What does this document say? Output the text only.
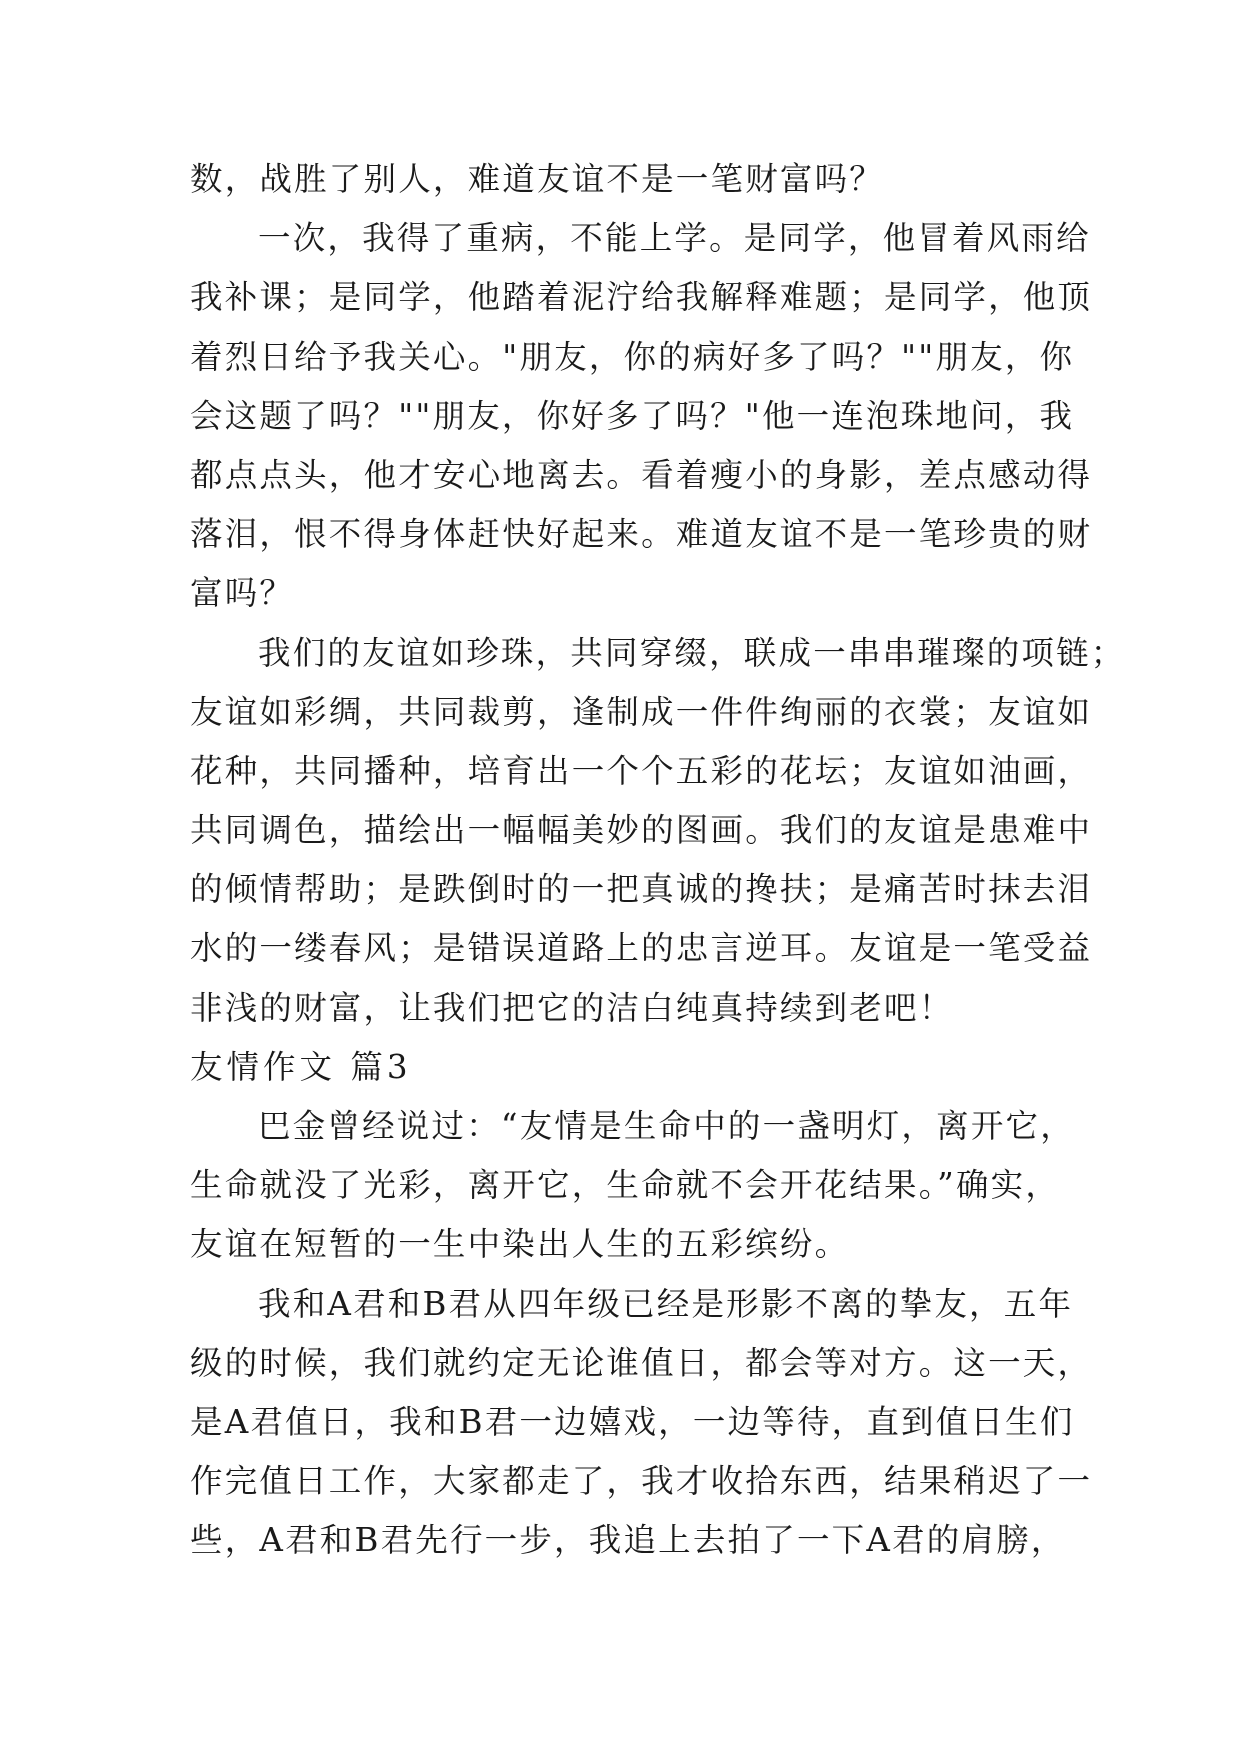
数，战胜了别人，难道友谊不是一笔财富吗？
一次，我得了重病，不能上学。是同学，他冒着风雨给
我补课；是同学，他踏着泥泞给我解释难题；是同学，他顶
着烈日给予我关心。"朋友，你的病好多了吗？""朋友，你
会这题了吗？""朋友，你好多了吗？"他一连泡珠地问，我
都点点头，他才安心地离去。看着瘦小的身影，差点感动得
落泪，恨不得身体赶快好起来。难道友谊不是一笔珍贵的财
富吗？
我们的友谊如珍珠，共同穿缀，联成一串串璀璨的项链；
友谊如彩绸，共同裁剪，逢制成一件件绚丽的衣裳；友谊如
花种，共同播种，培育出一个个五彩的花坛；友谊如油画，
共同调色，描绘出一幅幅美妙的图画。我们的友谊是患难中
的倾情帮助；是跌倒时的一把真诚的搀扶；是痛苦时抹去泪
水的一缕春风；是错误道路上的忠言逆耳。友谊是一笔受益
非浅的财富，让我们把它的洁白纯真持续到老吧！
友情作文 篇3
巴金曾经说过：“友情是生命中的一盏明灯，离开它，
生命就没了光彩，离开它，生命就不会开花结果。”确实，
友谊在短暂的一生中染出人生的五彩缤纷。
我和A君和B君从四年级已经是形影不离的挚友，五年
级的时候，我们就约定无论谁值日，都会等对方。这一天，
是A君值日，我和B君一边嬉戏，一边等待，直到值日生们
作完值日工作，大家都走了，我才收拾东西，结果稍迟了一
些，A君和B君先行一步，我追上去拍了一下A君的肩膀，
